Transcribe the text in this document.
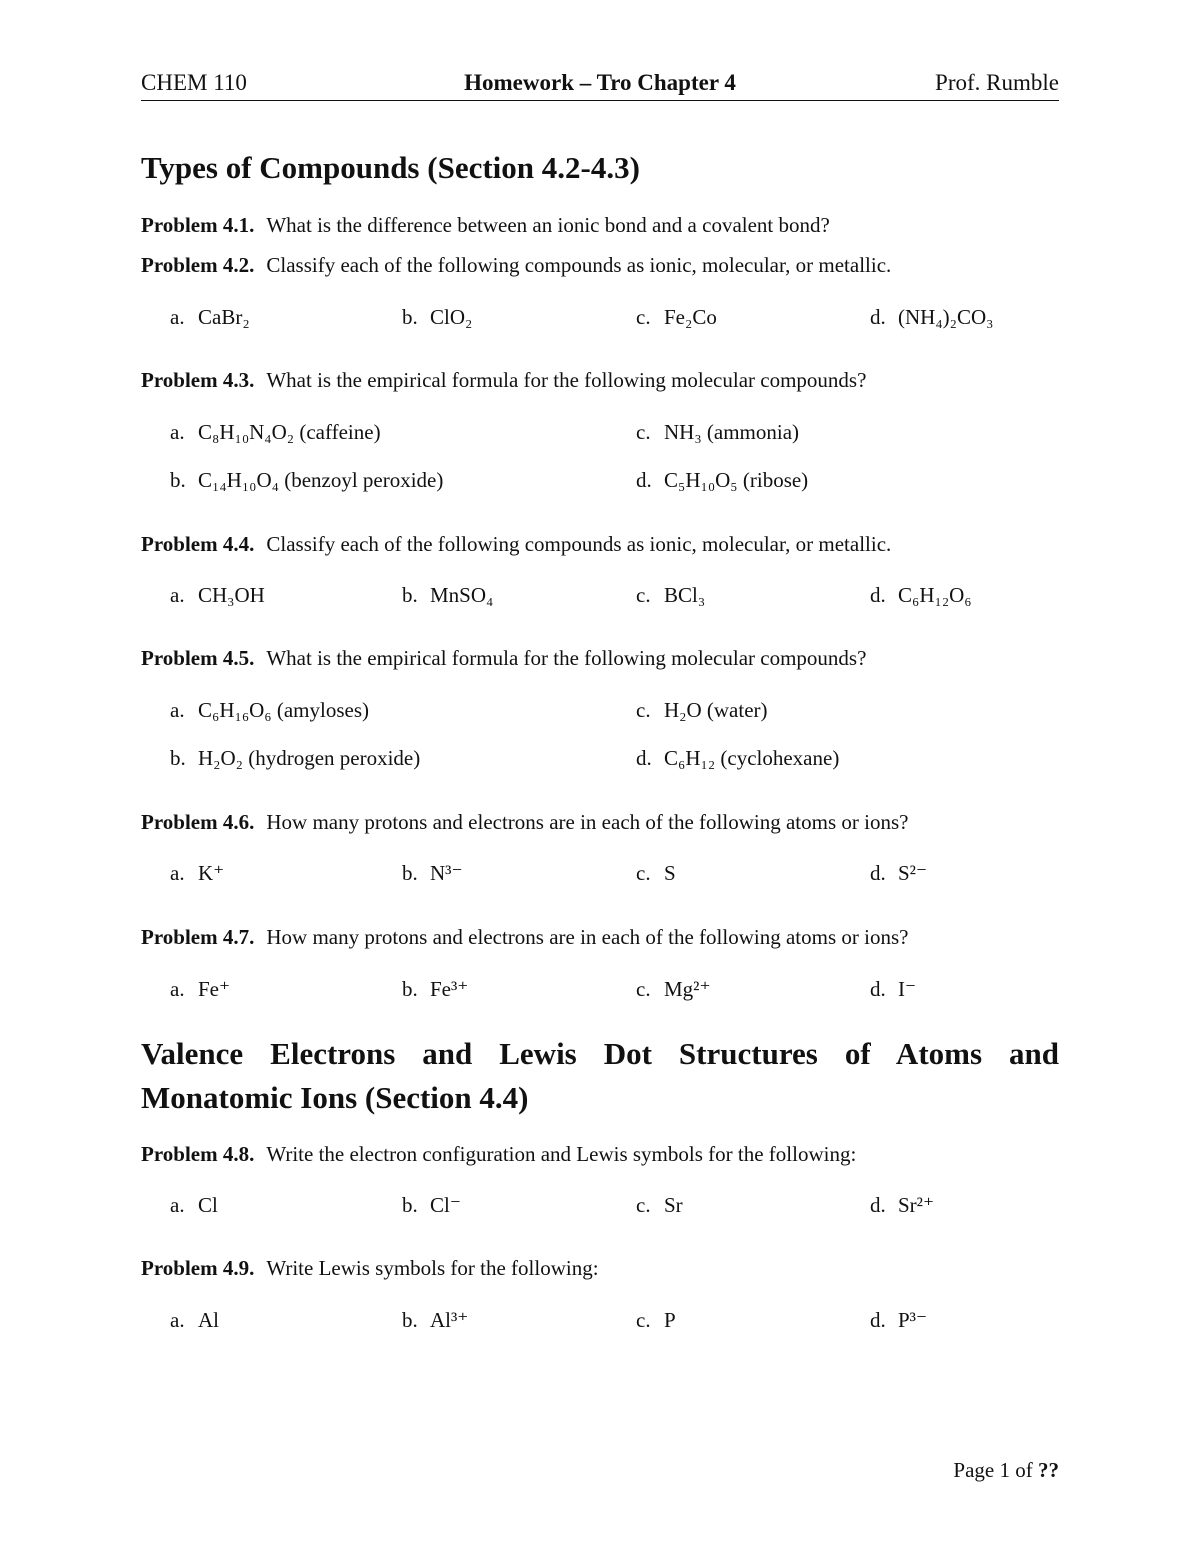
CHEM 110	Homework – Tro Chapter 4	Prof. Rumble
Types of Compounds (Section 4.2-4.3)
Problem 4.1. What is the difference between an ionic bond and a covalent bond?
Problem 4.2. Classify each of the following compounds as ionic, molecular, or metallic.
a. CaBr₂	b. ClO₂	c. Fe₂Co	d. (NH₄)₂CO₃
Problem 4.3. What is the empirical formula for the following molecular compounds?
a. C₈H₁₀N₄O₂ (caffeine)	c. NH₃ (ammonia)
b. C₁₄H₁₀O₄ (benzoyl peroxide)	d. C₅H₁₀O₅ (ribose)
Problem 4.4. Classify each of the following compounds as ionic, molecular, or metallic.
a. CH₃OH	b. MnSO₄	c. BCl₃	d. C₆H₁₂O₆
Problem 4.5. What is the empirical formula for the following molecular compounds?
a. C₆H₁₆O₆ (amyloses)	c. H₂O (water)
b. H₂O₂ (hydrogen peroxide)	d. C₆H₁₂ (cyclohexane)
Problem 4.6. How many protons and electrons are in each of the following atoms or ions?
a. K⁺	b. N³⁻	c. S	d. S²⁻
Problem 4.7. How many protons and electrons are in each of the following atoms or ions?
a. Fe⁺	b. Fe³⁺	c. Mg²⁺	d. I⁻
Valence Electrons and Lewis Dot Structures of Atoms and Monatomic Ions (Section 4.4)
Problem 4.8. Write the electron configuration and Lewis symbols for the following:
a. Cl	b. Cl⁻	c. Sr	d. Sr²⁺
Problem 4.9. Write Lewis symbols for the following:
a. Al	b. Al³⁺	c. P	d. P³⁻
Page 1 of ??
